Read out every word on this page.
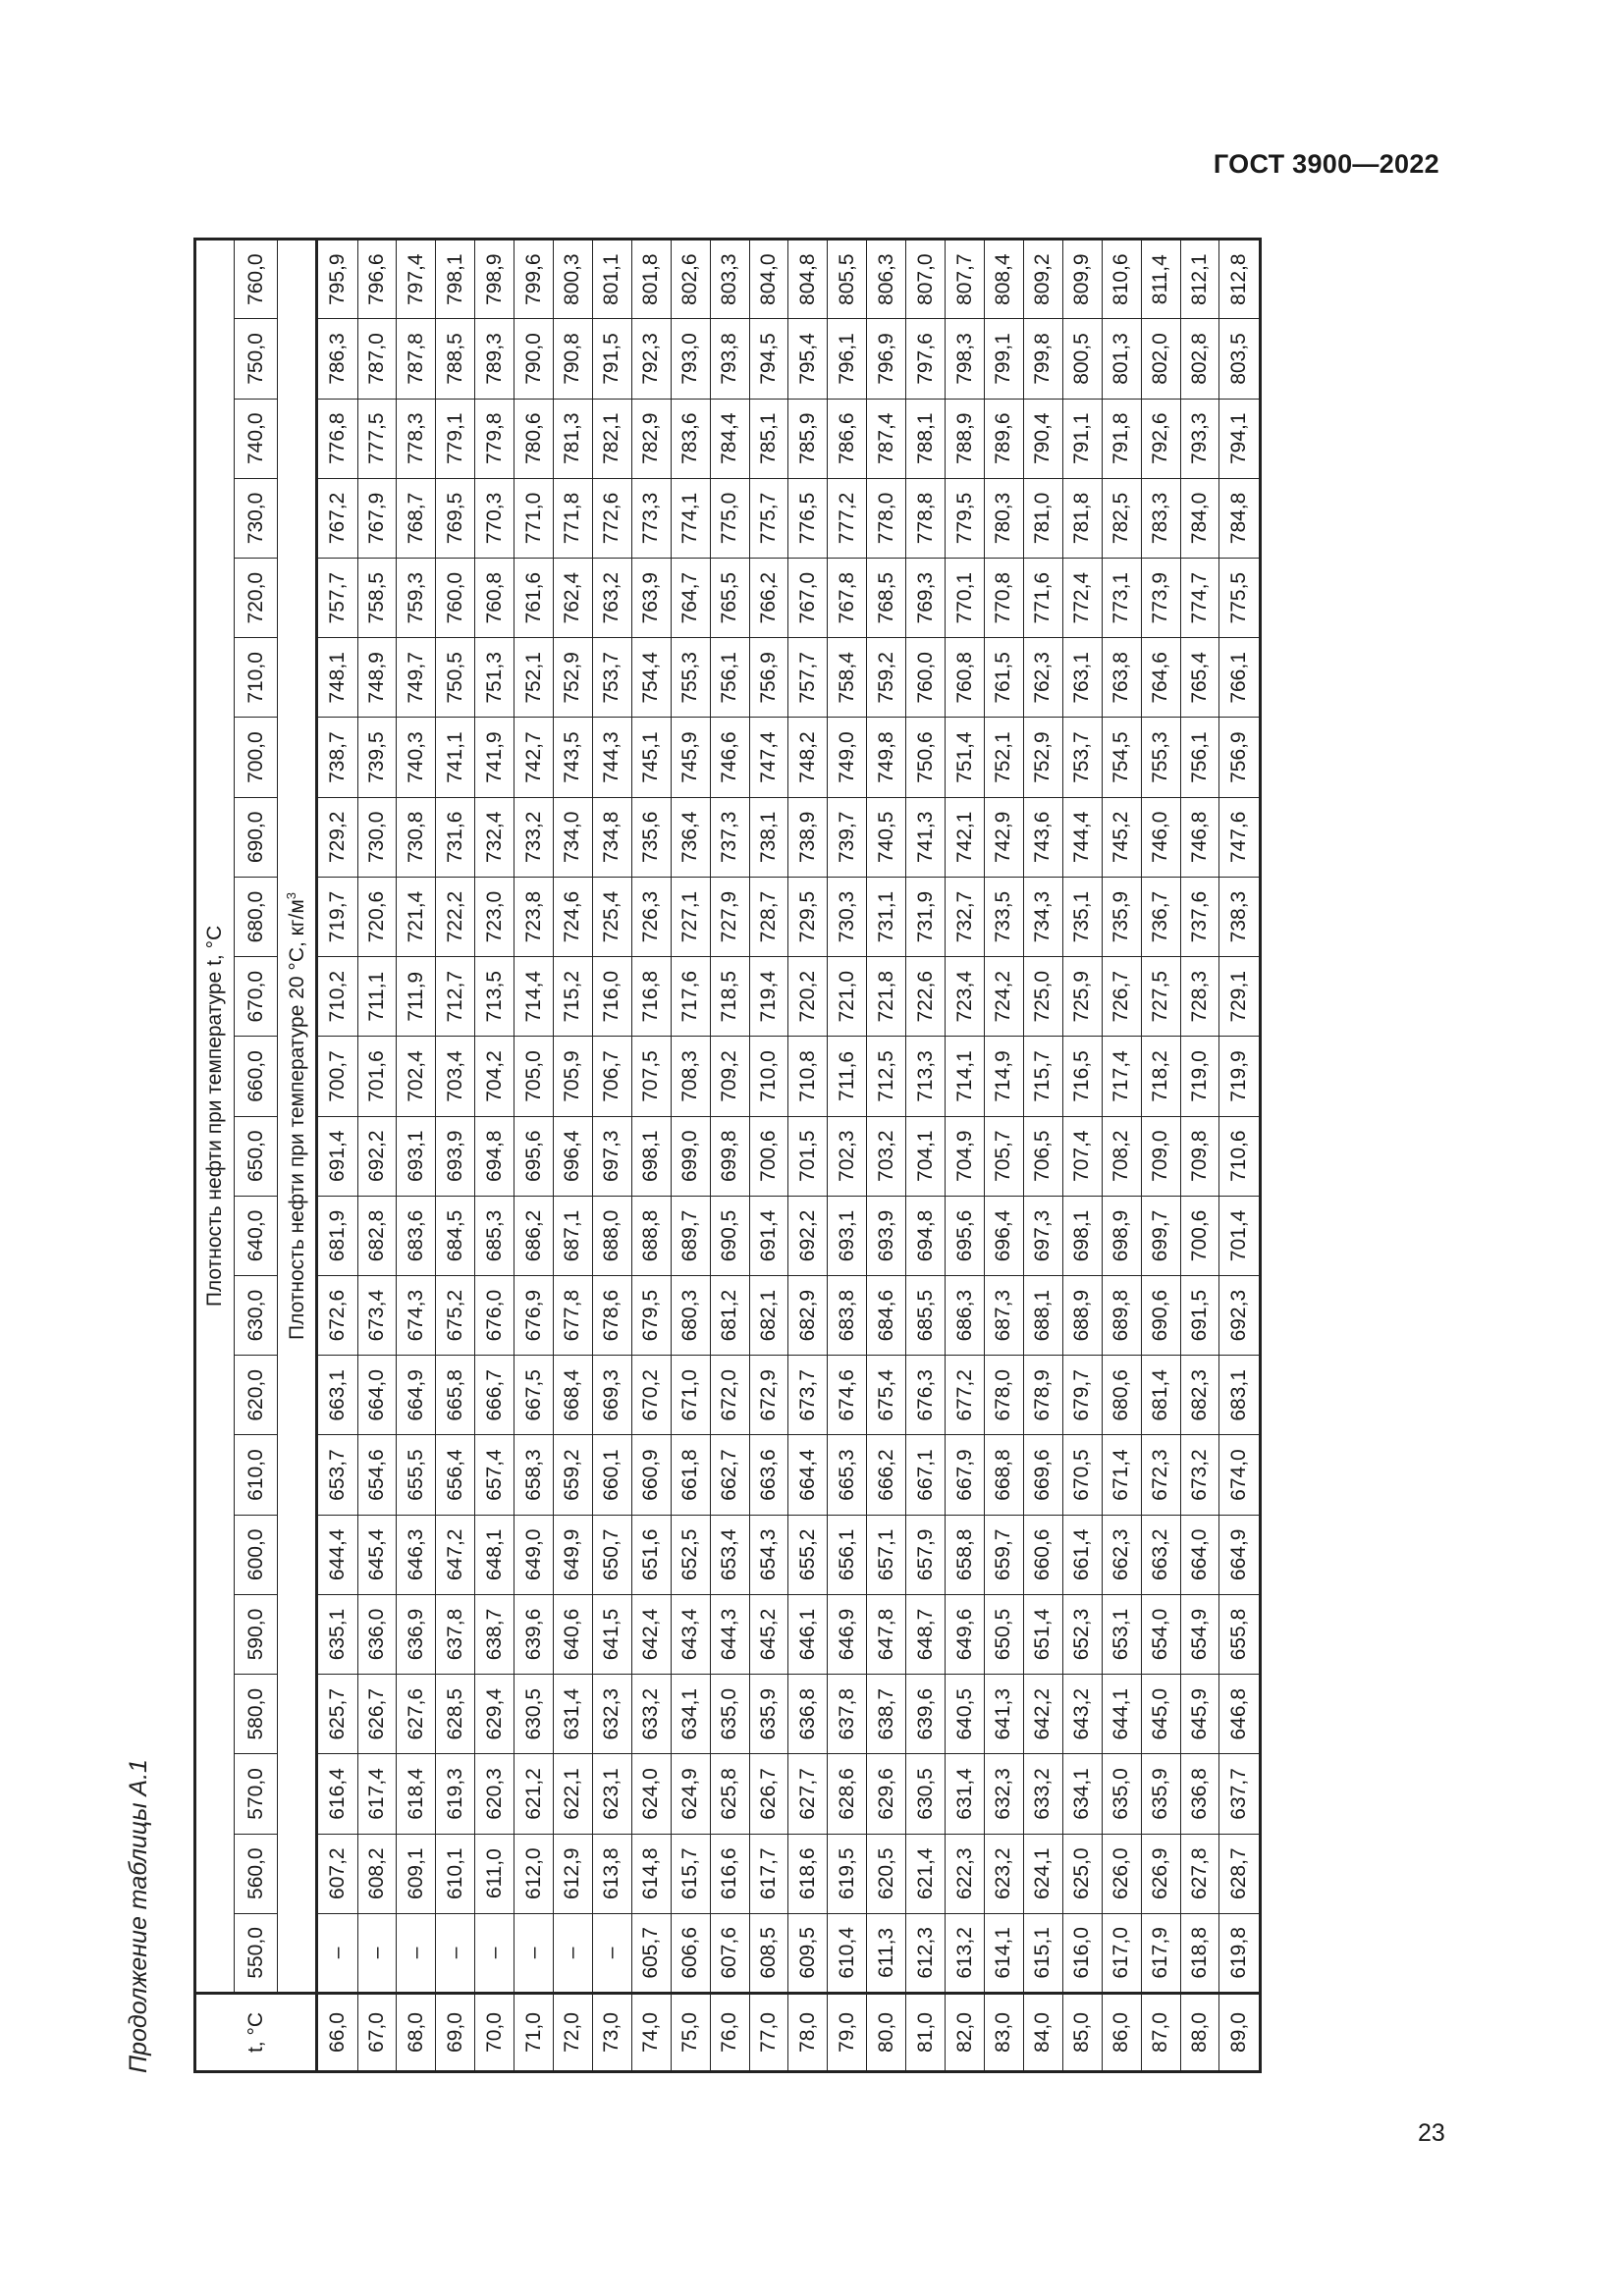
ГОСТ 3900—2022
Продолжение таблицы А.1	t, °C	Плотность нефти при температуре t, °C																					
	550,0	560,0	570,0	580,0	590,0	600,0	610,0	620,0	630,0	640,0	650,0	660,0	670,0	680,0	690,0	700,0	710,0	720,0	730,0	740,0	750,0	760,0
	Плотность нефти при температуре 20 °С, $кг/м^3$
66,0	–	607,2	616,4	625,7	635,1	644,4	653,7	663,1	672,6	681,9	691,4	700,7	710,2	719,7	729,2	738,7	748,1	757,7	767,2	776,8	786,3	795,9
67,0	–	608,2	617,4	626,7	636,0	645,4	654,6	664,0	673,4	682,8	692,2	701,6	711,1	720,6	730,0	739,5	748,9	758,5	767,9	777,5	787,0	796,6
68,0	–	609,1	618,4	627,6	636,9	646,3	655,5	664,9	674,3	683,6	693,1	702,4	711,9	721,4	730,8	740,3	749,7	759,3	768,7	778,3	787,8	797,4
69,0	–	610,1	619,3	628,5	637,8	647,2	656,4	665,8	675,2	684,5	693,9	703,4	712,7	722,2	731,6	741,1	750,5	760,0	769,5	779,1	788,5	798,1
70,0	–	611,0	620,3	629,4	638,7	648,1	657,4	666,7	676,0	685,3	694,8	704,2	713,5	723,0	732,4	741,9	751,3	760,8	770,3	779,8	789,3	798,9
71,0	–	612,0	621,2	630,5	639,6	649,0	658,3	667,5	676,9	686,2	695,6	705,0	714,4	723,8	733,2	742,7	752,1	761,6	771,0	780,6	790,0	799,6
72,0	–	612,9	622,1	631,4	640,6	649,9	659,2	668,4	677,8	687,1	696,4	705,9	715,2	724,6	734,0	743,5	752,9	762,4	771,8	781,3	790,8	800,3
73,0	–	613,8	623,1	632,3	641,5	650,7	660,1	669,3	678,6	688,0	697,3	706,7	716,0	725,4	734,8	744,3	753,7	763,2	772,6	782,1	791,5	801,1
74,0	605,7	614,8	624,0	633,2	642,4	651,6	660,9	670,2	679,5	688,8	698,1	707,5	716,8	726,3	735,6	745,1	754,4	763,9	773,3	782,9	792,3	801,8
75,0	606,6	615,7	624,9	634,1	643,4	652,5	661,8	671,0	680,3	689,7	699,0	708,3	717,6	727,1	736,4	745,9	755,3	764,7	774,1	783,6	793,0	802,6
76,0	607,6	616,6	625,8	635,0	644,3	653,4	662,7	672,0	681,2	690,5	699,8	709,2	718,5	727,9	737,3	746,6	756,1	765,5	775,0	784,4	793,8	803,3
77,0	608,5	617,7	626,7	635,9	645,2	654,3	663,6	672,9	682,1	691,4	700,6	710,0	719,4	728,7	738,1	747,4	756,9	766,2	775,7	785,1	794,5	804,0
78,0	609,5	618,6	627,7	636,8	646,1	655,2	664,4	673,7	682,9	692,2	701,5	710,8	720,2	729,5	738,9	748,2	757,7	767,0	776,5	785,9	795,4	804,8
79,0	610,4	619,5	628,6	637,8	646,9	656,1	665,3	674,6	683,8	693,1	702,3	711,6	721,0	730,3	739,7	749,0	758,4	767,8	777,2	786,6	796,1	805,5
80,0	611,3	620,5	629,6	638,7	647,8	657,1	666,2	675,4	684,6	693,9	703,2	712,5	721,8	731,1	740,5	749,8	759,2	768,5	778,0	787,4	796,9	806,3
81,0	612,3	621,4	630,5	639,6	648,7	657,9	667,1	676,3	685,5	694,8	704,1	713,3	722,6	731,9	741,3	750,6	760,0	769,3	778,8	788,1	797,6	807,0
82,0	613,2	622,3	631,4	640,5	649,6	658,8	667,9	677,2	686,3	695,6	704,9	714,1	723,4	732,7	742,1	751,4	760,8	770,1	779,5	788,9	798,3	807,7
83,0	614,1	623,2	632,3	641,3	650,5	659,7	668,8	678,0	687,3	696,4	705,7	714,9	724,2	733,5	742,9	752,1	761,5	770,8	780,3	789,6	799,1	808,4
84,0	615,1	624,1	633,2	642,2	651,4	660,6	669,6	678,9	688,1	697,3	706,5	715,7	725,0	734,3	743,6	752,9	762,3	771,6	781,0	790,4	799,8	809,2
85,0	616,0	625,0	634,1	643,2	652,3	661,4	670,5	679,7	688,9	698,1	707,4	716,5	725,9	735,1	744,4	753,7	763,1	772,4	781,8	791,1	800,5	809,9
86,0	617,0	626,0	635,0	644,1	653,1	662,3	671,4	680,6	689,8	698,9	708,2	717,4	726,7	735,9	745,2	754,5	763,8	773,1	782,5	791,8	801,3	810,6
87,0	617,9	626,9	635,9	645,0	654,0	663,2	672,3	681,4	690,6	699,7	709,0	718,2	727,5	736,7	746,0	755,3	764,6	773,9	783,3	792,6	802,0	811,4
88,0	618,8	627,8	636,8	645,9	654,9	664,0	673,2	682,3	691,5	700,6	709,8	719,0	728,3	737,6	746,8	756,1	765,4	774,7	784,0	793,3	802,8	812,1
89,0	619,8	628,7	637,7	646,8	655,8	664,9	674,0	683,1	692,3	701,4	710,6	719,9	729,1	738,3	747,6	756,9	766,1	775,5	784,8	794,1	803,5	812,8
23
